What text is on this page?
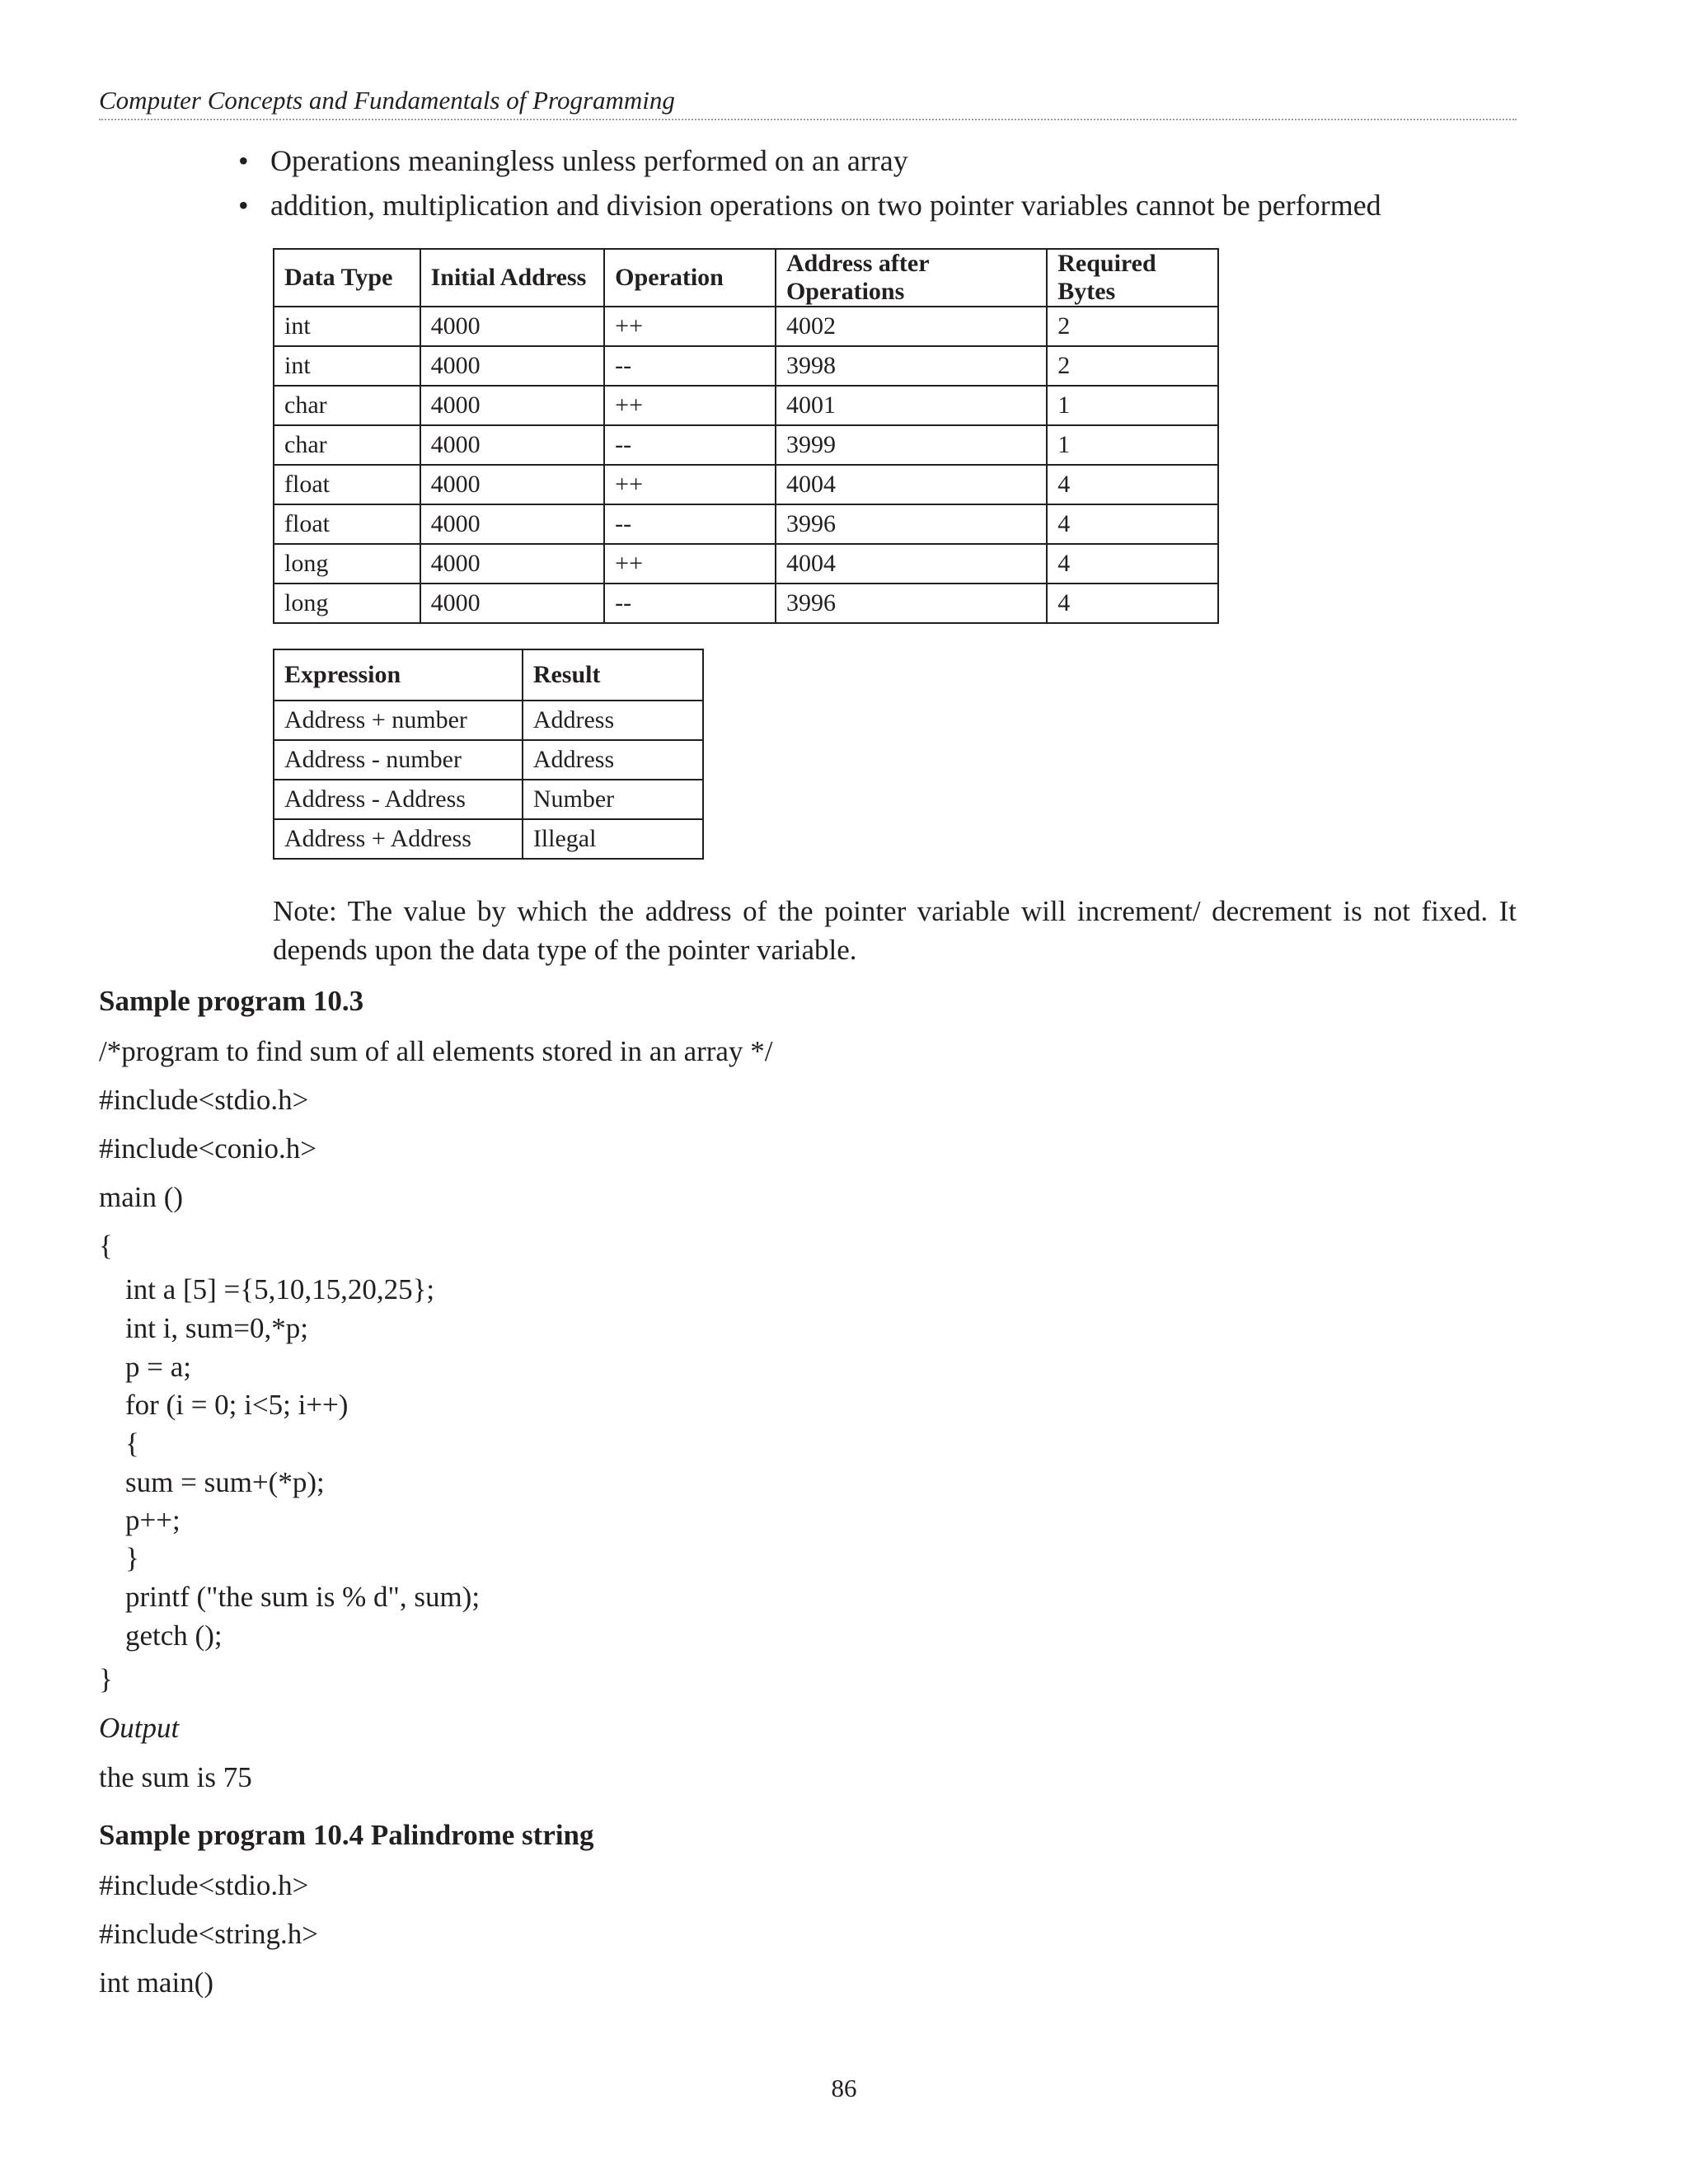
Computer Concepts and Fundamentals of Programming
• Operations meaningless unless performed on an array
• addition, multiplication and division operations on two pointer variables cannot be performed
Data Type	Initial Address	Operation	Address after Operations	Required Bytes
int	4000	++	4002	2
int	4000	--	3998	2
char	4000	++	4001	1
char	4000	--	3999	1
float	4000	++	4004	4
float	4000	--	3996	4
long	4000	++	4004	4
long	4000	--	3996	4
Expression	Result
Address + number	Address
Address - number	Address
Address - Address	Number
Address + Address	Illegal
Note: The value by which the address of the pointer variable will increment/ decrement is not fixed. It depends upon the data type of the pointer variable.
Sample program 10.3
/*program to find sum of all elements stored in an array */
#include<stdio.h>
#include<conio.h>
main ()
{
int a [5] ={5,10,15,20,25};
int i, sum=0,*p;
p = a;
for (i = 0; i<5; i++)
{
sum = sum+(*p);
p++;
}
printf ("the sum is % d", sum);
getch ();
}
Output
the sum is 75
Sample program 10.4 Palindrome string
#include<stdio.h>
#include<string.h>
int main()
86
